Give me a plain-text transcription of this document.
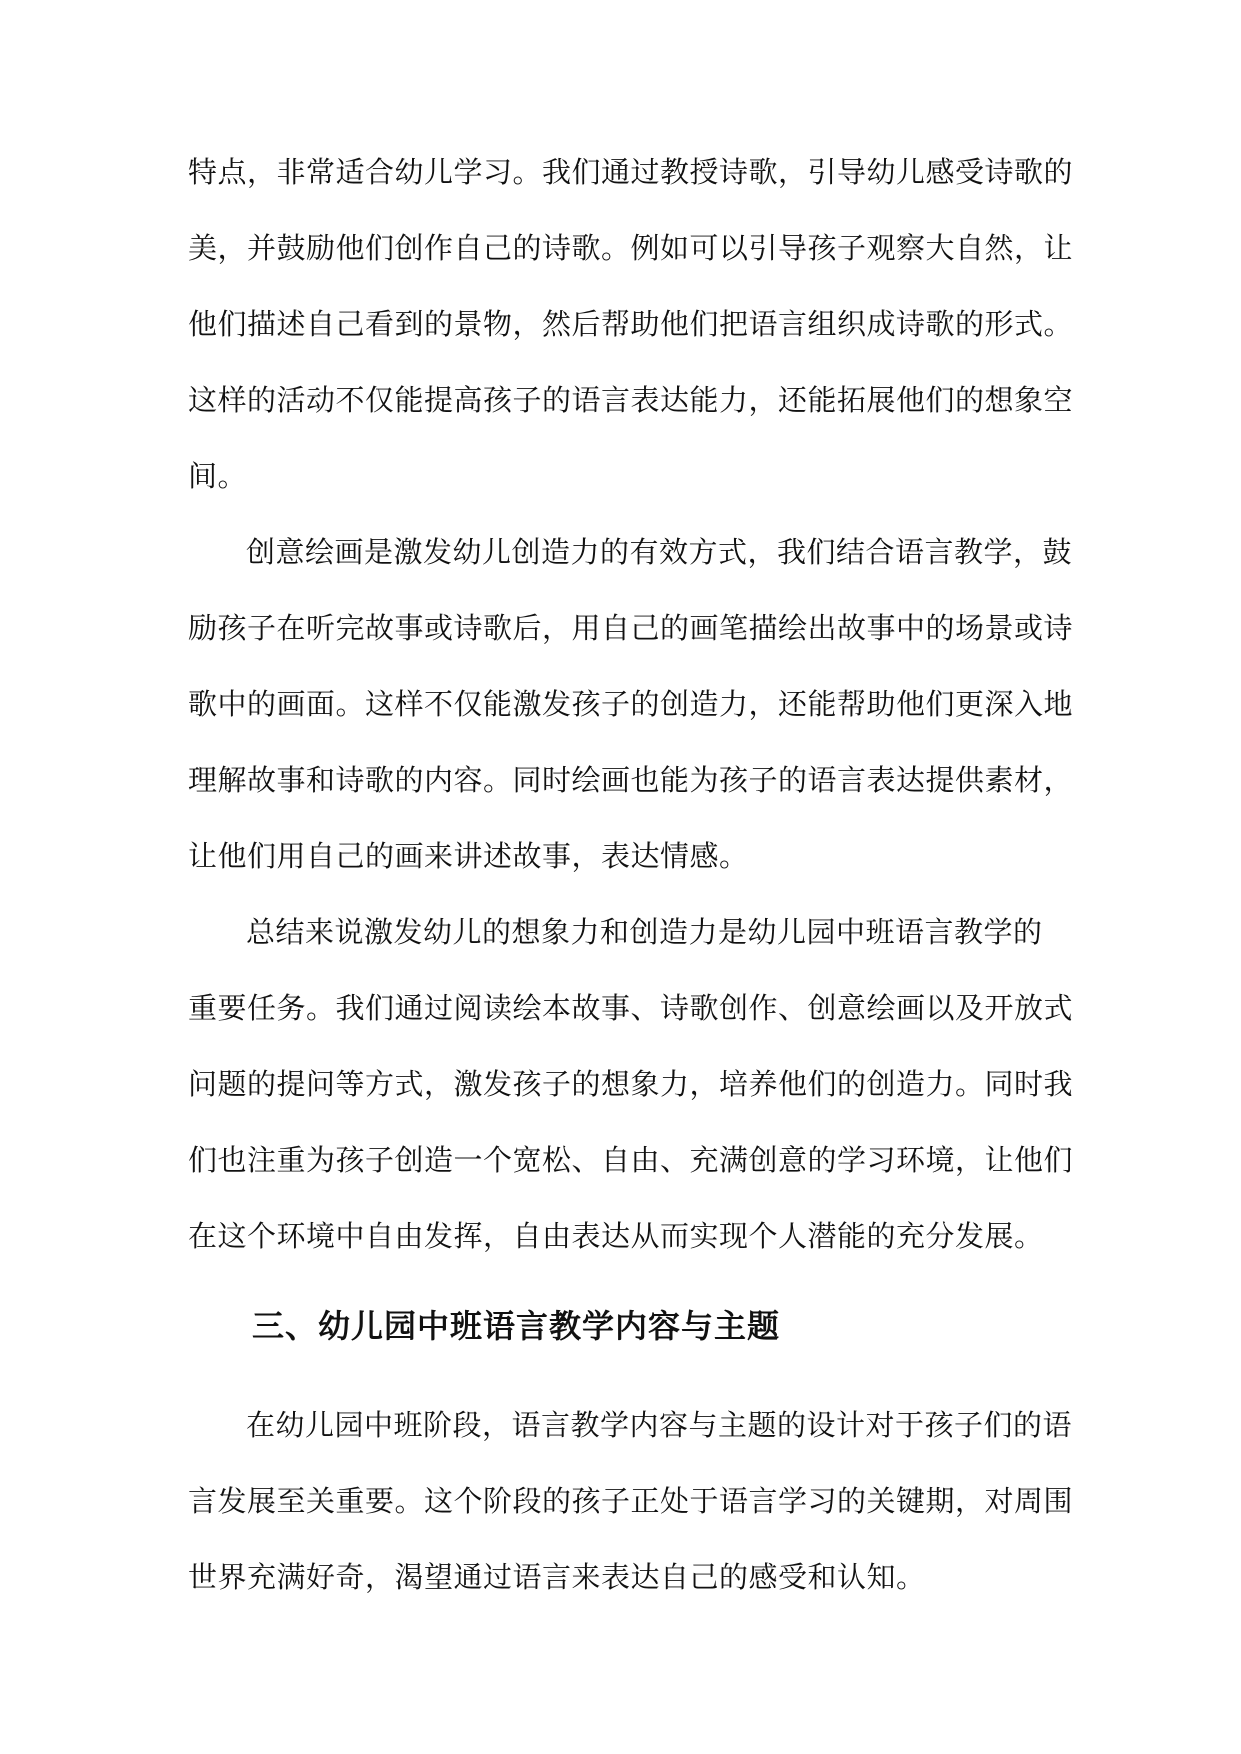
特点，非常适合幼儿学习。我们通过教授诗歌，引导幼儿感受诗歌的
美，并鼓励他们创作自己的诗歌。例如可以引导孩子观察大自然，让
他们描述自己看到的景物，然后帮助他们把语言组织成诗歌的形式。
这样的活动不仅能提高孩子的语言表达能力，还能拓展他们的想象空
间。
创意绘画是激发幼儿创造力的有效方式，我们结合语言教学，鼓
励孩子在听完故事或诗歌后，用自己的画笔描绘出故事中的场景或诗
歌中的画面。这样不仅能激发孩子的创造力，还能帮助他们更深入地
理解故事和诗歌的内容。同时绘画也能为孩子的语言表达提供素材，
让他们用自己的画来讲述故事，表达情感。
总结来说激发幼儿的想象力和创造力是幼儿园中班语言教学的
重要任务。我们通过阅读绘本故事、诗歌创作、创意绘画以及开放式
问题的提问等方式，激发孩子的想象力，培养他们的创造力。同时我
们也注重为孩子创造一个宽松、自由、充满创意的学习环境，让他们
在这个环境中自由发挥，自由表达从而实现个人潜能的充分发展。
三、幼儿园中班语言教学内容与主题
在幼儿园中班阶段，语言教学内容与主题的设计对于孩子们的语
言发展至关重要。这个阶段的孩子正处于语言学习的关键期，对周围
世界充满好奇，渴望通过语言来表达自己的感受和认知。
